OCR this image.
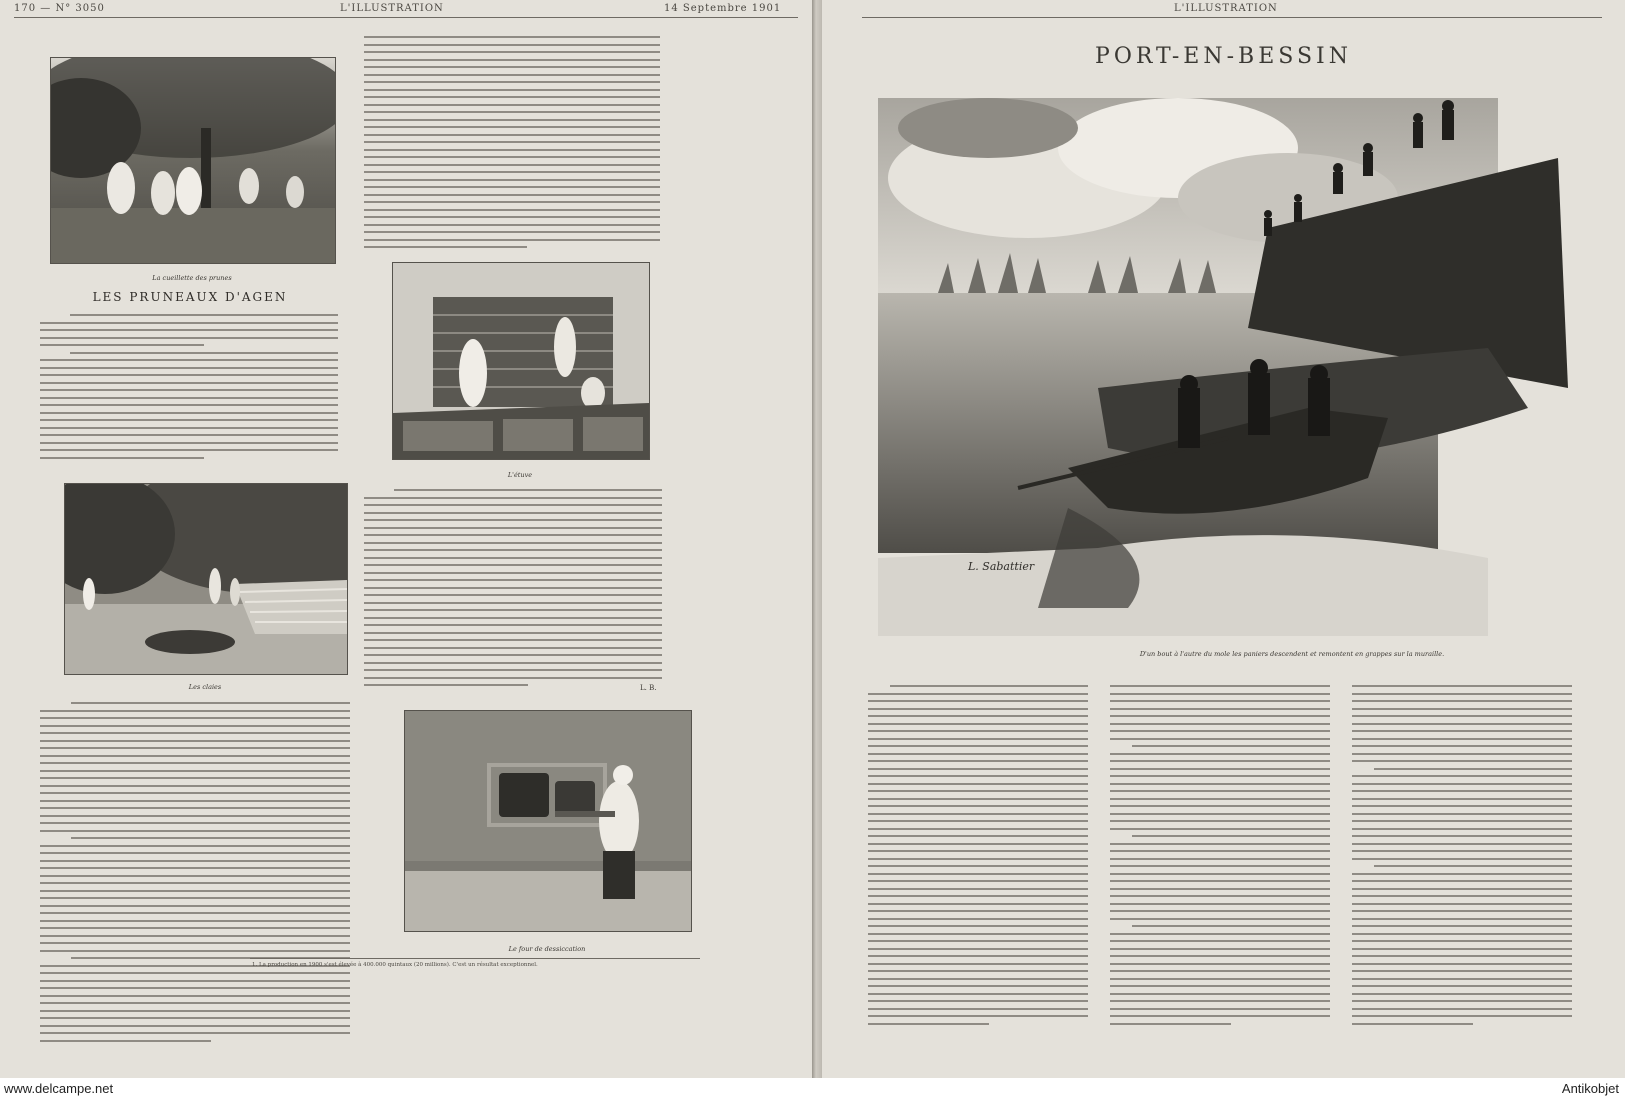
170 — N° 3050	L'ILLUSTRATION	14 Septembre 1901
La cueillette des prunes
LES PRUNEAUX D'AGEN
Les claies
L'étuve
L. B.
Le four de dessiccation
1. La production en 1900 s'est élevée à 400.000 quintaux (20 millions). C'est un résultat exceptionnel.
L'ILLUSTRATION
PORT-EN-BESSIN
L. Sabattier
D'un bout à l'autre du mole les paniers descendent et remontent en grappes sur la muraille.
www.delcampe.net	Antikobjet
